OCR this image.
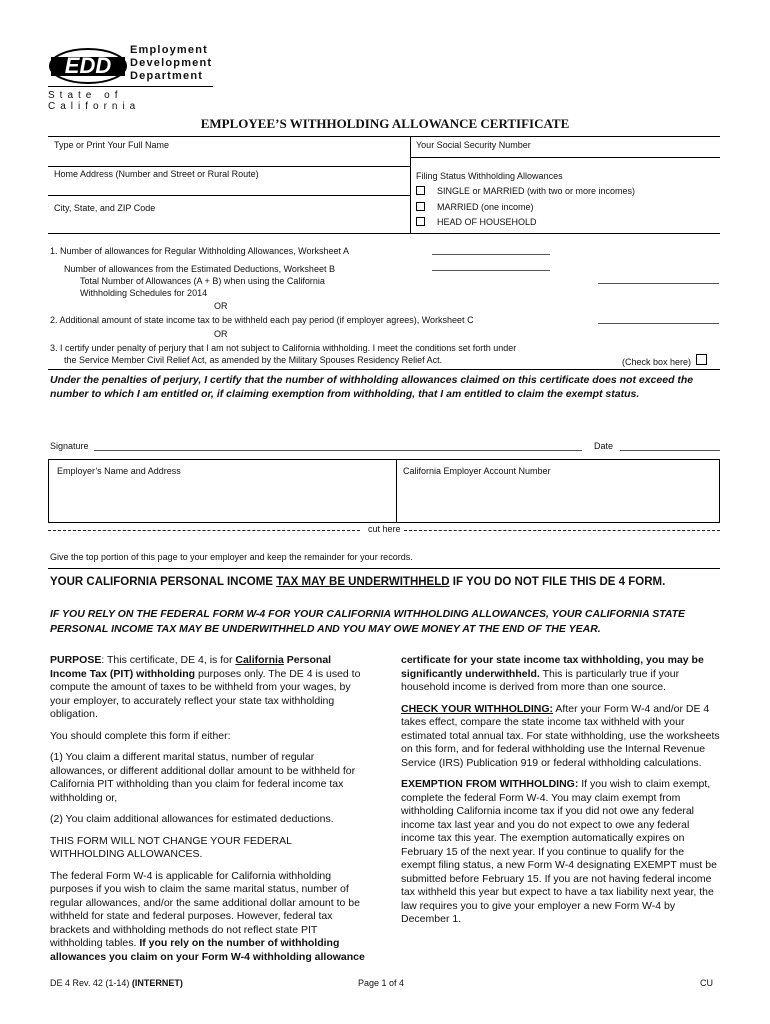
EDD
Employment
Development
Department
State of California
EMPLOYEE’S WITHHOLDING ALLOWANCE CERTIFICATE
Type or Print Your Full Name	Your Social Security Number
Home Address (Number and Street or Rural Route)
City, State, and ZIP Code
Filing Status Withholding Allowances
SINGLE or MARRIED (with two or more incomes)
MARRIED (one income)
HEAD OF HOUSEHOLD
1. Number of allowances for Regular Withholding Allowances, Worksheet A
Number of allowances from the Estimated Deductions, Worksheet B
Total Number of Allowances (A + B) when using the California
Withholding Schedules for 2014
OR
2. Additional amount of state income tax to be withheld each pay period (if employer agrees), Worksheet C
OR
3. I certify under penalty of perjury that I am not subject to California withholding. I meet the conditions set forth under
the Service Member Civil Relief Act, as amended by the Military Spouses Residency Relief Act.	(Check box here)
Under the penalties of perjury, I certify that the number of withholding allowances claimed on this certificate does not exceed the number to which I am entitled or, if claiming exemption from withholding, that I am entitled to claim the exempt status.
Signature	Date
Employer’s Name and Address	California Employer Account Number
cut here
Give the top portion of this page to your employer and keep the remainder for your records.
YOUR CALIFORNIA PERSONAL INCOME TAX MAY BE UNDERWITHHELD IF YOU DO NOT FILE THIS DE 4 FORM.
IF YOU RELY ON THE FEDERAL FORM W-4 FOR YOUR CALIFORNIA WITHHOLDING ALLOWANCES, YOUR CALIFORNIA STATE PERSONAL INCOME TAX MAY BE UNDERWITHHELD AND YOU MAY OWE MONEY AT THE END OF THE YEAR.

PURPOSE: This certificate, DE 4, is for California Personal Income Tax (PIT) withholding purposes only. The DE 4 is used to compute the amount of taxes to be withheld from your wages, by your employer, to accurately reflect your state tax withholding obligation.

You should complete this form if either:

(1) You claim a different marital status, number of regular allowances, or different additional dollar amount to be withheld for California PIT withholding than you claim for federal income tax withholding or,

(2) You claim additional allowances for estimated deductions.

THIS FORM WILL NOT CHANGE YOUR FEDERAL WITHHOLDING ALLOWANCES.

The federal Form W-4 is applicable for California withholding purposes if you wish to claim the same marital status, number of regular allowances, and/or the same additional dollar amount to be withheld for state and federal purposes. However, federal tax brackets and withholding methods do not reflect state PIT withholding tables. If you rely on the number of withholding allowances you claim on your Form W-4 withholding allowance

certificate for your state income tax withholding, you may be significantly underwithheld. This is particularly true if your household income is derived from more than one source.

CHECK YOUR WITHHOLDING: After your Form W-4 and/or DE 4 takes effect, compare the state income tax withheld with your estimated total annual tax. For state withholding, use the worksheets on this form, and for federal withholding use the Internal Revenue Service (IRS) Publication 919 or federal withholding calculations.

EXEMPTION FROM WITHHOLDING: If you wish to claim exempt, complete the federal Form W-4. You may claim exempt from withholding California income tax if you did not owe any federal income tax last year and you do not expect to owe any federal income tax this year. The exemption automatically expires on February 15 of the next year. If you continue to qualify for the exempt filing status, a new Form W-4 designating EXEMPT must be submitted before February 15. If you are not having federal income tax withheld this year but expect to have a tax liability next year, the law requires you to give your employer a new Form W-4 by December 1.

DE 4 Rev. 42 (1-14) (INTERNET)	Page 1 of 4	CU
